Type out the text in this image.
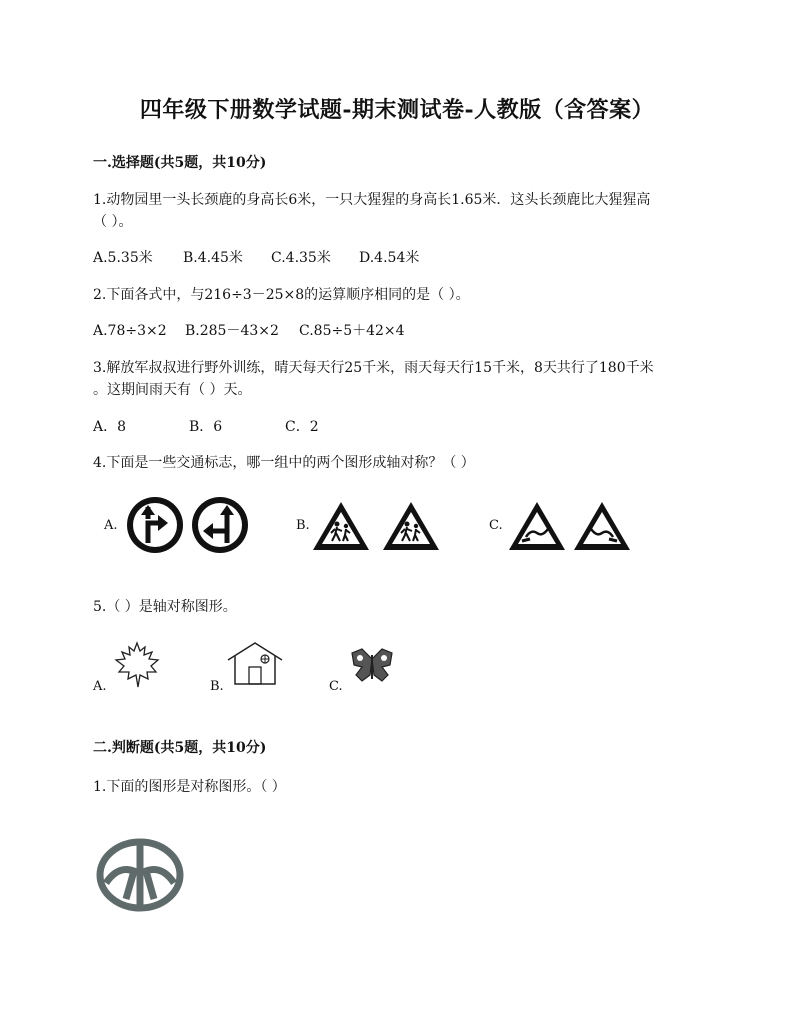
四年级下册数学试题-期末测试卷-人教版（含答案）
一.选择题(共5题，共10分)
1.动物园里一头长颈鹿的身高长6米，一只大猩猩的身高长1.65米．这头长颈鹿比大猩猩高
（ ）。
A.5.35米 B.4.45米 C.4.35米 D.4.54米
2.下面各式中，与216÷3－25×8的运算顺序相同的是（ ）。
A.78÷3×2 B.285－43×2 C.85÷5＋42×4
3.解放军叔叔进行野外训练，晴天每天行25千米，雨天每天行15千米，8天共行了180千米
。这期间雨天有（ ）天。
A．8	B．6	C．2
4.下面是一些交通标志，哪一组中的两个图形成轴对称？（ ）
A.	B.	C.
5.（ ）是轴对称图形。
A.	B.	C.
二.判断题(共5题，共10分)
1.下面的图形是对称图形。（ ）
